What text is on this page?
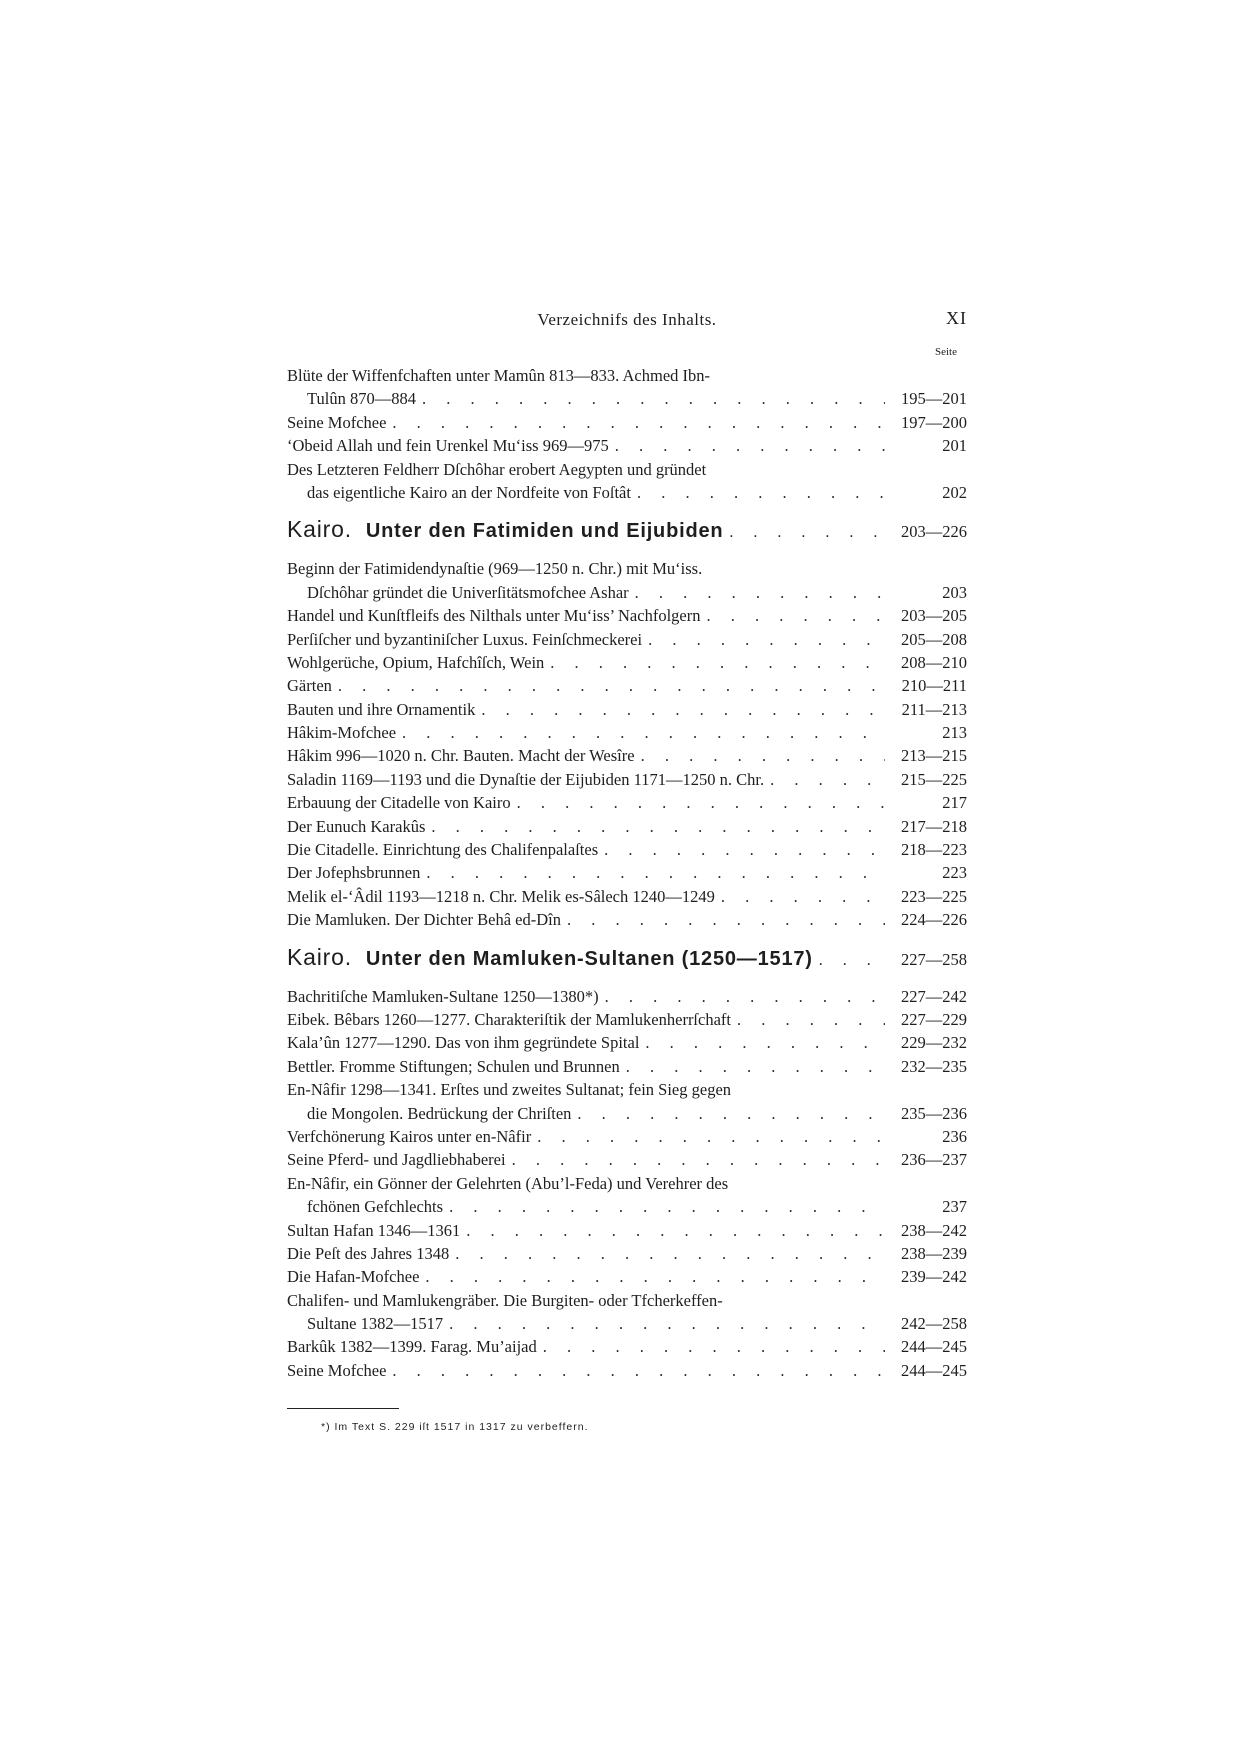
Verzeichnifs des Inhalts.	XI
Seite
Blüte der Wiffenfchaften unter Mamûn 813—833. Achmed Ibn-
Tulûn 870—884 . . .	195—201
Seine Mofchee . . .	197—200
‘Obeid Allah und fein Urenkel Mu‘iss 969—975 . . .	201
Des Letzteren Feldherr Dſchôhar erobert Aegypten und gründet
das eigentliche Kairo an der Nordfeite von Foſtât . . .	202
Kairo. Unter den Fatimiden und Eijubiden . . .	203—226
Beginn der Fatimidendynaſtie (969—1250 n. Chr.) mit Mu‘iss.
Dſchôhar gründet die Univerſitätsmofchee Ashar . . .	203
Handel und Kunſtfleifs des Nilthals unter Mu‘iss’ Nachfolgern . . .	203—205
Perſiſcher und byzantiniſcher Luxus. Feinſchmeckerei . . .	205—208
Wohlgerüche, Opium, Hafchîſch, Wein . . .	208—210
Gärten . . .	210—211
Bauten und ihre Ornamentik . . .	211—213
Hâkim-Mofchee . . .	213
Hâkim 996—1020 n. Chr. Bauten. Macht der Wesîre . . .	213—215
Saladin 1169—1193 und die Dynaſtie der Eijubiden 1171—1250 n. Chr. . . .	215—225
Erbauung der Citadelle von Kairo . . .	217
Der Eunuch Karakûs . . .	217—218
Die Citadelle. Einrichtung des Chalifenpalaſtes . . .	218—223
Der Jofephsbrunnen . . .	223
Melik el-‘Âdil 1193—1218 n. Chr. Melik es-Sâlech 1240—1249 . . .	223—225
Die Mamluken. Der Dichter Behâ ed-Dîn . . .	224—226
Kairo. Unter den Mamluken-Sultanen (1250—1517) . . .	227—258
Bachritiſche Mamluken-Sultane 1250—1380*) . . .	227—242
Eibek. Bêbars 1260—1277. Charakteriſtik der Mamlukenherrſchaft . . .	227—229
Kala’ûn 1277—1290. Das von ihm gegründete Spital . . .	229—232
Bettler. Fromme Stiftungen; Schulen und Brunnen . . .	232—235
En-Nâfir 1298—1341. Erſtes und zweites Sultanat; fein Sieg gegen
die Mongolen. Bedrückung der Chriſten . . .	235—236
Verfchönerung Kairos unter en-Nâfir . . .	236
Seine Pferd- und Jagdliebhaberei . . .	236—237
En-Nâfir, ein Gönner der Gelehrten (Abu’l-Feda) und Verehrer des
fchönen Gefchlechts . . .	237
Sultan Hafan 1346—1361 . . .	238—242
Die Peſt des Jahres 1348 . . .	238—239
Die Hafan-Mofchee . . .	239—242
Chalifen- und Mamlukengräber. Die Burgiten- oder Tfcherkeffen-
Sultane 1382—1517 . . .	242—258
Barkûk 1382—1399. Farag. Mu’aijad . . .	244—245
Seine Mofchee . . .	244—245
*) Im Text S. 229 iſt 1517 in 1317 zu verbeffern.
